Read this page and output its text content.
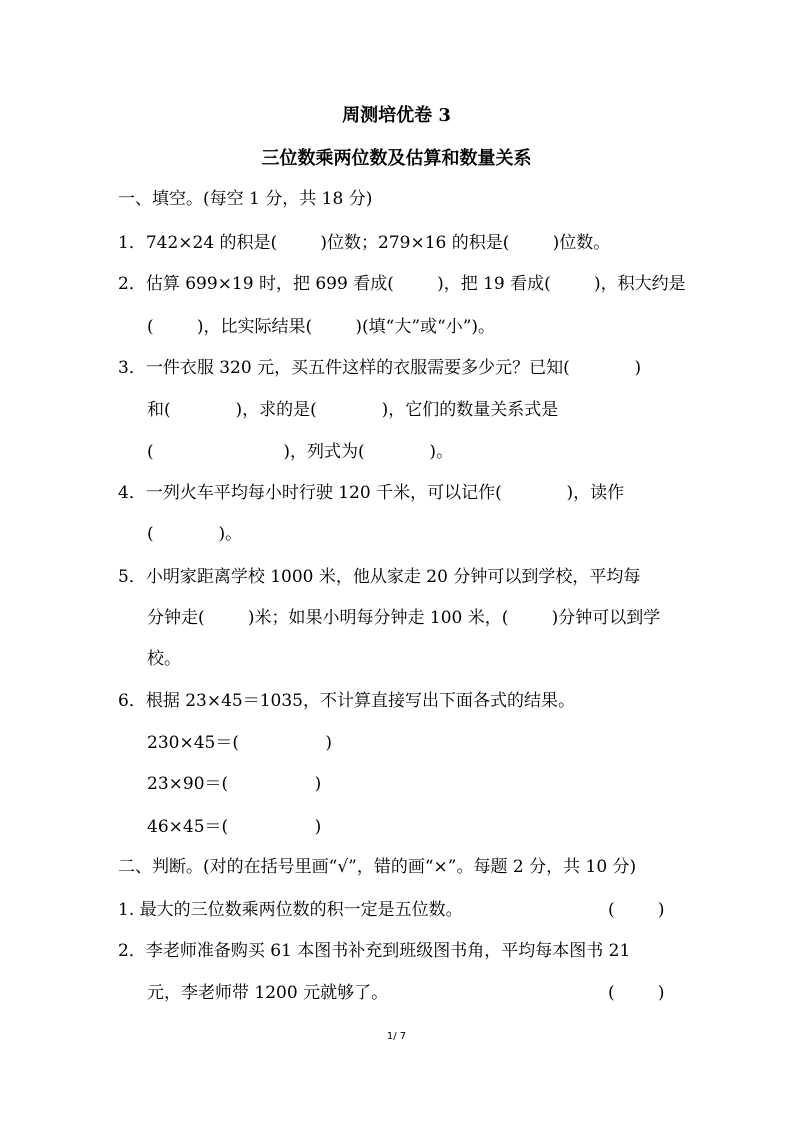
周测培优卷 3
三位数乘两位数及估算和数量关系
一、填空。(每空 1 分，共 18 分)
1．742×24 的积是(        )位数；279×16 的积是(        )位数。
2．估算 699×19 时，把 699 看成(        )，把 19 看成(        )，积大约是
(        )，比实际结果(        )(填“大”或“小”)。
3．一件衣服 320 元，买五件这样的衣服需要多少元？已知(            )
和(            )，求的是(            )，它们的数量关系式是
(                        )，列式为(            )。
4．一列火车平均每小时行驶 120 千米，可以记作(            )，读作
(            )。
5．小明家距离学校 1000 米，他从家走 20 分钟可以到学校，平均每
分钟走(        )米；如果小明每分钟走 100 米，(        )分钟可以到学
校。
6．根据 23×45＝1035，不计算直接写出下面各式的结果。
230×45＝(                )
23×90＝(                )
46×45＝(                )
二、判断。(对的在括号里画“√”，错的画“×”。每题 2 分，共 10 分)
1. 最大的三位数乘两位数的积一定是五位数。	(        )
2．李老师准备购买 61 本图书补充到班级图书角，平均每本图书 21
元，李老师带 1200 元就够了。	(        )
1/ 7
